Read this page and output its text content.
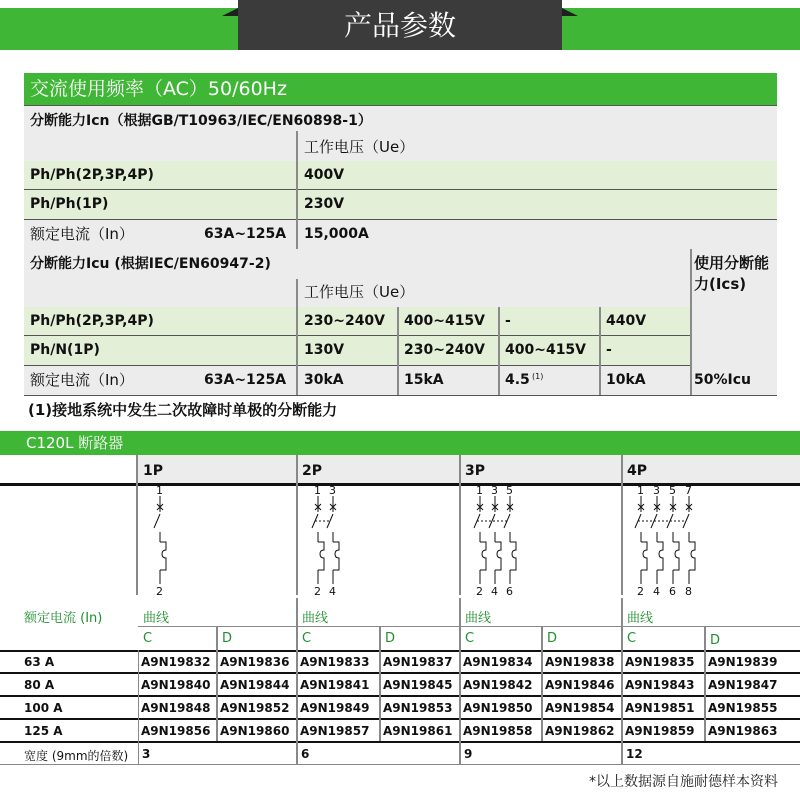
产品参数
交流使用频率（AC）50/60Hz
分断能力Icn（根据GB/T10963/IEC/EN60898-1）
工作电压（Ue）
Ph/Ph(2P,3P,4P)	400V
Ph/Ph(1P)	230V
额定电流（In）	63A~125A 15,000A
分断能力Icu (根据IEC/EN60947-2)	使用分断能力(Ics)
工作电压（Ue）
Ph/Ph(2P,3P,4P)	230~240V 400~415V -	440V
Ph/N(1P)	130V	230~240V 400~415V -
额定电流（In）	63A~125A 30kA	15kA	4.5 (1)	10kA	50%Icu
(1)接地系统中发生二次故障时单极的分断能力
C120L 断路器
1P	2P	3P	4P
1
2
1 3
2 4
1 3 5
2 4 6
1 3 5 7
2 4 6 8
额定电流 (In)	曲线	曲线	曲线	曲线
C	D	C	D	C	D	C	D
63 A	A9N19832 A9N19836 A9N19833 A9N19837 A9N19834 A9N19838 A9N19835 A9N19839
80 A	A9N19840 A9N19844 A9N19841 A9N19845 A9N19842 A9N19846 A9N19843 A9N19847
100 A	A9N19848 A9N19852 A9N19849 A9N19853 A9N19850 A9N19854 A9N19851 A9N19855
125 A	A9N19856 A9N19860 A9N19857 A9N19861 A9N19858 A9N19862 A9N19859 A9N19863
宽度 (9mm的倍数) 3	6	9	12
*以上数据源自施耐德样本资料
